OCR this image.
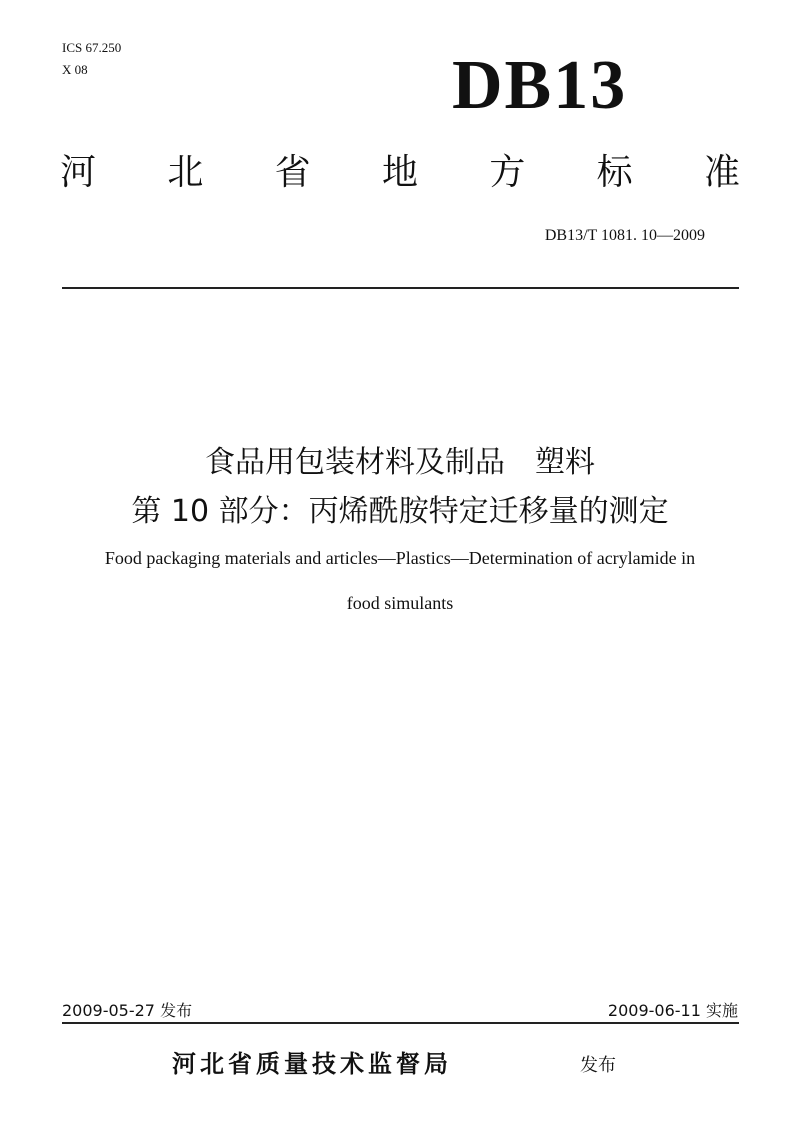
ICS 67.250
X 08	DB13
河 北 省 地 方 标 准
DB13/T 1081. 10—2009
食品用包装材料及制品　塑料
第 10 部分：丙烯酰胺特定迁移量的测定
Food packaging materials and articles—Plastics—Determination of acrylamide in
food simulants
2009-05-27 发布	2009-06-11 实施
河北省质量技术监督局	发布
